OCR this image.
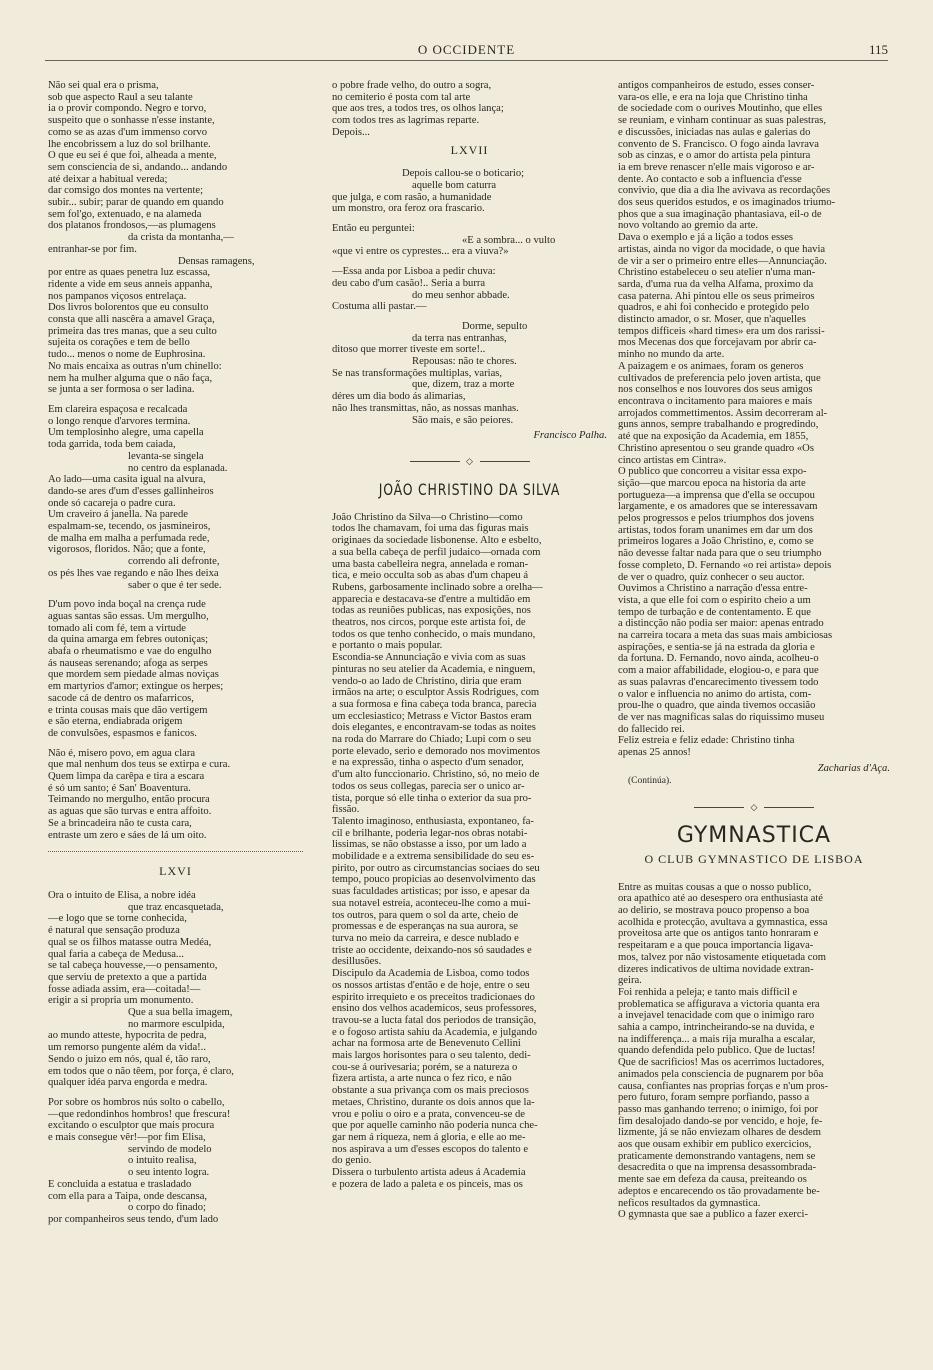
O OCCIDENTE	115
Não sei qual era o prisma,
sob que aspecto Raul a seu talante
ia o provir compondo. Negro e torvo,
suspeito que o sonhasse n'esse instante,
como se as azas d'um immenso corvo
lhe encobrissem a luz do sol brilhante.
O que eu sei é que foi, alheada a mente,
sem consciencia de si, andando... andando
até deixar a habitual vereda;
dar comsigo dos montes na vertente;
subir... subir; parar de quando em quando
sem fol'go, extenuado, e na alameda
dos platanos frondosos,—as plumagens
da crista da montanha,—
entranhar-se por fim.
Densas ramagens,
por entre as quaes penetra luz escassa,
ridente a vide em seus anneis appanha,
nos pampanos viçosos entrelaça.
Dos livros bolorentos que eu consulto
consta que alli nascêra a amavel Graça,
primeira das tres manas, que a seu culto
sujeita os corações e tem de bello
tudo... menos o nome de Euphrosina.
No mais encaixa as outras n'um chinello:
nem ha mulher alguma que o não faça,
se junta a ser formosa o ser ladina.
Em clareira espaçosa e recalcada
o longo renque d'arvores termina.
Um templosinho alegre, uma capella
toda garrida, toda bem caiada,
levanta-se singela
no centro da esplanada.
Ao lado—uma casita igual na alvura,
dando-se ares d'um d'esses gallinheiros
onde só cacareja o padre cura.
Um craveiro á janella. Na parede
espalmam-se, tecendo, os jasmineiros,
de malha em malha a perfumada rede,
vigorosos, floridos. Não; que a fonte,
correndo ali defronte,
os pés lhes vae regando e não lhes deixa
saber o que é ter sede.
D'um povo inda boçal na crença rude
aguas santas são essas. Um mergulho,
tomado ali com fé, tem a virtude
da quina amarga em febres outoniças;
abafa o rheumatismo e vae do engulho
ás nauseas serenando; afoga as serpes
que mordem sem piedade almas noviças
em martyrios d'amor; extingue os herpes;
sacode cá de dentro os mafarricos,
e trinta cousas mais que dão vertigem
e são eterna, endiabrada origem
de convulsões, espasmos e fanicos.
Não é, misero povo, em agua clara
que mal nenhum dos teus se extirpa e cura.
Quem limpa da carêpa e tira a escara
é só um santo; é San' Boaventura.
Teimando no mergulho, então procura
as aguas que são turvas e entra affoito.
Se a brincadeira não te custa cara,
entraste um zero e sáes de lá um oito.
LXVI
Ora o intuito de Elisa, a nobre idéa
que traz encasquetada,
—e logo que se torne conhecida,
é natural que sensação produza
qual se os filhos matasse outra Medéa,
qual faria a cabeça de Medusa...
se tal cabeça houvesse,—o pensamento,
que serviu de pretexto a que a partida
fosse adiada assim, era—coitada!—
erigir a si propria um monumento.
Que a sua bella imagem,
no marmore esculpida,
ao mundo atteste, hypocrita de pedra,
um remorso pungente além da vida!..
Sendo o juizo em nós, qual é, tão raro,
em todos que o não têem, por força, é claro,
qualquer idéa parva engorda e medra.
Por sobre os hombros nús solto o cabello,
—que redondinhos hombros! que frescura!
excitando o esculptor que mais procura
e mais consegue vêr!—por fim Elisa,
servindo de modelo
o intuito realisa,
o seu intento logra.
E concluida a estatua e trasladado
com ella para a Taipa, onde descansa,
o corpo do finado;
por companheiros seus tendo, d'um lado
o pobre frade velho, do outro a sogra,
no cemiterio é posta com tal arte
que aos tres, a todos tres, os olhos lança;
com todos tres as lagrimas reparte.
Depois...
LXVII
Depois callou-se o boticario;
aquelle bom caturra
que julga, e com rasão, a humanidade
um monstro, ora feroz ora frascario.
Então eu perguntei:
«E a sombra... o vulto
«que vi entre os cyprestes... era a viuva?»
—Essa anda por Lisboa a pedir chuva:
deu cabo d'um casão!.. Seria a burra
do meu senhor abbade.
Costuma alli pastar.—
Dorme, sepulto
da terra nas entranhas,
ditoso que morrer tiveste em sorte!..
Repousas: não te chores.
Se nas transformações multiplas, varias,
que, dizem, traz a morte
déres um dia bodo ás alimarias,
não lhes transmittas, não, as nossas manhas.
São mais, e são peiores.
Francisco Palha.
◇
JOÃO CHRISTINO DA SILVA
João Christino da Silva—o Christino—como
todos lhe chamavam, foi uma das figuras mais
originaes da sociedade lisbonense. Alto e esbelto,
a sua bella cabeça de perfil judaico—ornada com
uma basta cabelleira negra, annelada e roman-
tica, e meio occulta sob as abas d'um chapeu á
Rubens, garbosamente inclinado sobre a orelha—
apparecia e destacava-se d'entre a multidão em
todas as reuniões publicas, nas exposições, nos
theatros, nos circos, porque este artista foi, de
todos os que tenho conhecido, o mais mundano,
e portanto o mais popular.
Escondia-se Annunciação e vivia com as suas
pinturas no seu atelier da Academia, e ninguem,
vendo-o ao lado de Christino, diria que eram
irmãos na arte; o esculptor Assis Rodrigues, com
a sua formosa e fina cabeça toda branca, parecia
um ecclesiastico; Metrass e Victor Bastos eram
dois elegantes, e encontravam-se todas as noites
na roda do Marrare do Chiado; Lupi com o seu
porte elevado, serio e demorado nos movimentos
e na expressão, tinha o aspecto d'um senador,
d'um alto funccionario. Christino, só, no meio de
todos os seus collegas, parecia ser o unico ar-
tista, porque só elle tinha o exterior da sua pro-
fissão.
Talento imaginoso, enthusiasta, expontaneo, fa-
cil e brilhante, poderia legar-nos obras notabi-
lissimas, se não obstasse a isso, por um lado a
mobilidade e a extrema sensibilidade do seu es-
pirito, por outro as circumstancias sociaes do seu
tempo, pouco propicias ao desenvolvimento das
suas faculdades artisticas; por isso, e apesar da
sua notavel estreia, aconteceu-lhe como a mui-
tos outros, para quem o sol da arte, cheio de
promessas e de esperanças na sua aurora, se
turva no meio da carreira, e desce nublado e
triste ao occidente, deixando-nos só saudades e
desillusões.
Discipulo da Academia de Lisboa, como todos
os nossos artistas d'então e de hoje, entre o seu
espirito irrequieto e os preceitos tradicionaes do
ensino dos velhos academicos, seus professores,
travou-se a lucta fatal dos periodos de transição,
e o fogoso artista sahiu da Academia, e julgando
achar na formosa arte de Benevenuto Cellini
mais largos horisontes para o seu talento, dedi-
cou-se á ourivesaria; porém, se a natureza o
fizera artista, a arte nunca o fez rico, e não
obstante a sua privança com os mais preciosos
metaes, Christino, durante os dois annos que la-
vrou e poliu o oiro e a prata, convenceu-se de
que por aquelle caminho não poderia nunca che-
gar nem á riqueza, nem á gloria, e elle ao me-
nos aspirava a um d'esses escopos do talento e
do genio.
Dissera o turbulento artista adeus á Academia
e pozera de lado a paleta e os pinceis, mas os
antigos companheiros de estudo, esses conser-
vara-os elle, e era na loja que Christino tinha
de sociedade com o ourives Moutinho, que elles
se reuniam, e vinham continuar as suas palestras,
e discussões, iniciadas nas aulas e galerias do
convento de S. Francisco. O fogo ainda lavrava
sob as cinzas, e o amor do artista pela pintura
ia em breve renascer n'elle mais vigoroso e ar-
dente. Ao contacto e sob a influencia d'esse
convivio, que dia a dia lhe avivava as recordações
dos seus queridos estudos, e os imaginados triumo-
phos que a sua imaginação phantasiava, eil-o de
novo voltando ao gremio da arte.
Dava o exemplo e já a lição a todos esses
artistas, ainda no vigor da mocidade, o que havia
de vir a ser o primeiro entre elles—Annunciação.
Christino estabeleceu o seu atelier n'uma man-
sarda, d'uma rua da velha Alfama, proximo da
casa paterna. Ahi pintou elle os seus primeiros
quadros, e ahi foi conhecido e protegido pelo
distincto amador, o sr. Moser, que n'aquelles
tempos difficeis «hard times» era um dos rarissi-
mos Mecenas dos que forcejavam por abrir ca-
minho no mundo da arte.
A paizagem e os animaes, foram os generos
cultivados de preferencia pelo joven artista, que
nos conselhos e nos louvores dos seus amigos
encontrava o incitamento para maiores e mais
arrojados commettimentos. Assim decorreram al-
guns annos, sempre trabalhando e progredindo,
até que na exposição da Academia, em 1855,
Christino apresentou o seu grande quadro «Os
cinco artistas em Cintra».
O publico que concorreu a visitar essa expo-
sição—que marcou epoca na historia da arte
portugueza—a imprensa que d'ella se occupou
largamente, e os amadores que se interessavam
pelos progressos e pelos triumphos dos jovens
artistas, todos foram unanimes em dar um dos
primeiros logares a João Christino, e, como se
não devesse faltar nada para que o seu triumpho
fosse completo, D. Fernando «o rei artista» depois
de ver o quadro, quiz conhecer o seu auctor.
Ouvimos a Christino a narração d'essa entre-
vista, a que elle foi com o espirito cheio a um
tempo de turbação e de contentamento. É que
a distincção não podia ser maior: apenas entrado
na carreira tocara a meta das suas mais ambiciosas
aspirações, e sentia-se já na estrada da gloria e
da fortuna. D. Fernando, novo ainda, acolheu-o
com a maior affabilidade, elogiou-o, e para que
as suas palavras d'encarecimento tivessem todo
o valor e influencia no animo do artista, com-
prou-lhe o quadro, que ainda tivemos occasião
de ver nas magnificas salas do riquissimo museu
do fallecido rei.
Feliz estreia e feliz edade: Christino tinha
apenas 25 annos!
Zacharias d'Aça.
(Continúa).
◇
GYMNASTICA
O CLUB GYMNASTICO DE LISBOA
Entre as muitas cousas a que o nosso publico,
ora apathico até ao desespero ora enthusiasta até
ao delirio, se mostrava pouco propenso a boa
acolhida e protecção, avultava a gymnastica, essa
proveitosa arte que os antigos tanto honraram e
respeitaram e a que pouca importancia ligava-
mos, talvez por não vistosamente etiquetada com
dizeres indicativos de ultima novidade extran-
geira.
Foi renhida a peleja; e tanto mais difficil e
problematica se affigurava a victoria quanta era
a invejavel tenacidade com que o inimigo raro
sahia a campo, intrincheirando-se na duvida, e
na indifferença... a mais rija muralha a escalar,
quando defendida pelo publico. Que de luctas!
Que de sacrificios! Mas os acerrimos luctadores,
animados pela consciencia de pugnarem por bôa
causa, confiantes nas proprias forças e n'um pros-
pero futuro, foram sempre porfiando, passo a
passo mas ganhando terreno; o inimigo, foi por
fim desalojado dando-se por vencido, e hoje, fe-
lizmente, já se não enviezam olhares de desdem
aos que ousam exhibir em publico exercicios,
praticamente demonstrando vantagens, nem se
desacredita o que na imprensa desassombrada-
mente sae em defeza da causa, preiteando os
adeptos e encarecendo os tão provadamente be-
neficos resultados da gymnastica.
O gymnasta que sae a publico a fazer exerci-
